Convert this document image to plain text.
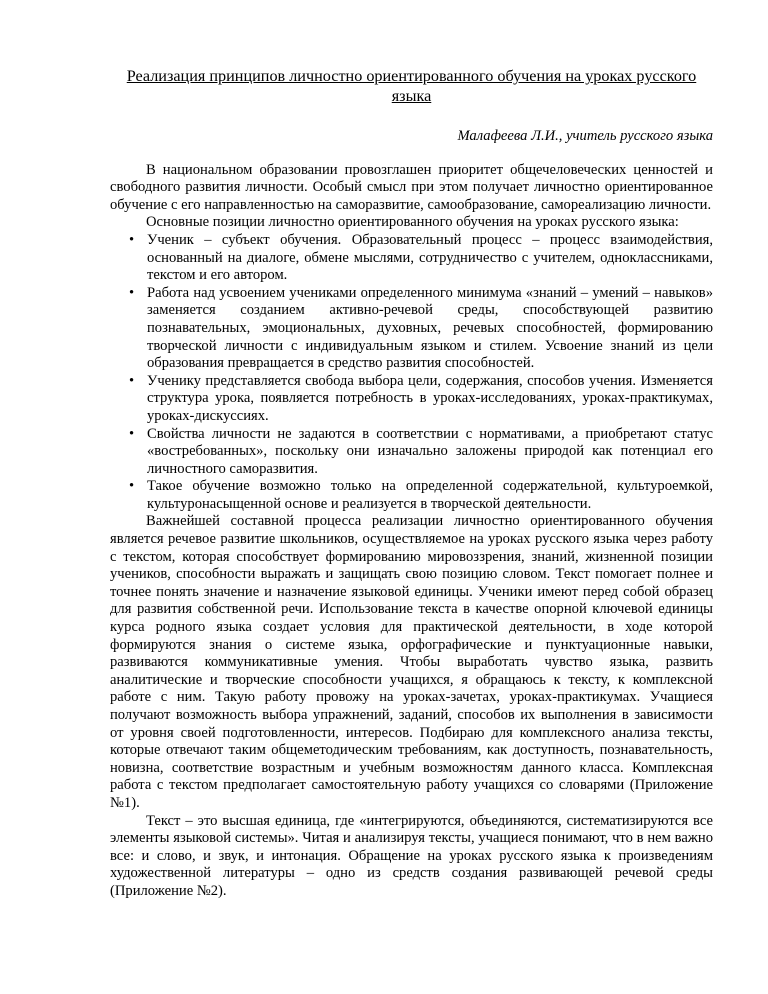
Реализация принципов личностно ориентированного обучения на уроках русского языка
Малафеева Л.И., учитель русского языка

В национальном образовании провозглашен приоритет общечеловеческих ценностей и свободного развития личности. Особый смысл при этом получает личностно ориентированное обучение с его направленностью на саморазвитие, самообразование, самореализацию личности.

Основные позиции личностно ориентированного обучения на уроках русского языка:

• Ученик – субъект обучения. Образовательный процесс – процесс взаимодействия, основанный на диалоге, обмене мыслями, сотрудничество с учителем, одноклассниками, текстом и его автором.
• Работа над усвоением учениками определенного минимума «знаний – умений – навыков» заменяется созданием активно-речевой среды, способствующей развитию познавательных, эмоциональных, духовных, речевых способностей, формированию творческой личности с индивидуальным языком и стилем. Усвоение знаний из цели образования превращается в средство развития способностей.
• Ученику представляется свобода выбора цели, содержания, способов учения. Изменяется структура урока, появляется потребность в уроках-исследованиях, уроках-практикумах, уроках-дискуссиях.
• Свойства личности не задаются в соответствии с нормативами, а приобретают статус «востребованных», поскольку они изначально заложены природой как потенциал его личностного саморазвития.
• Такое обучение возможно только на определенной содержательной, культуроемкой, культуронасыщенной основе и реализуется в творческой деятельности.

Важнейшей составной процесса реализации личностно ориентированного обучения является речевое развитие школьников, осуществляемое на уроках русского языка через работу с текстом, которая способствует формированию мировоззрения, знаний, жизненной позиции учеников, способности выражать и защищать свою позицию словом. Текст помогает полнее и точнее понять значение и назначение языковой единицы. Ученики имеют перед собой образец для развития собственной речи. Использование текста в качестве опорной ключевой единицы курса родного языка создает условия для практической деятельности, в ходе которой формируются знания о системе языка, орфографические и пунктуационные навыки, развиваются коммуникативные умения. Чтобы выработать чувство языка, развить аналитические и творческие способности учащихся, я обращаюсь к тексту, к комплексной работе с ним. Такую работу провожу на уроках-зачетах, уроках-практикумах. Учащиеся получают возможность выбора упражнений, заданий, способов их выполнения в зависимости от уровня своей подготовленности, интересов. Подбираю для комплексного анализа тексты, которые отвечают таким общеметодическим требованиям, как доступность, познавательность, новизна, соответствие возрастным и учебным возможностям данного класса. Комплексная работа с текстом предполагает самостоятельную работу учащихся со словарями (Приложение №1).

Текст – это высшая единица, где «интегрируются, объединяются, систематизируются все элементы языковой системы». Читая и анализируя тексты, учащиеся понимают, что в нем важно все: и слово, и звук, и интонация. Обращение на уроках русского языка к произведениям художественной литературы – одно из средств создания развивающей речевой среды (Приложение №2).
